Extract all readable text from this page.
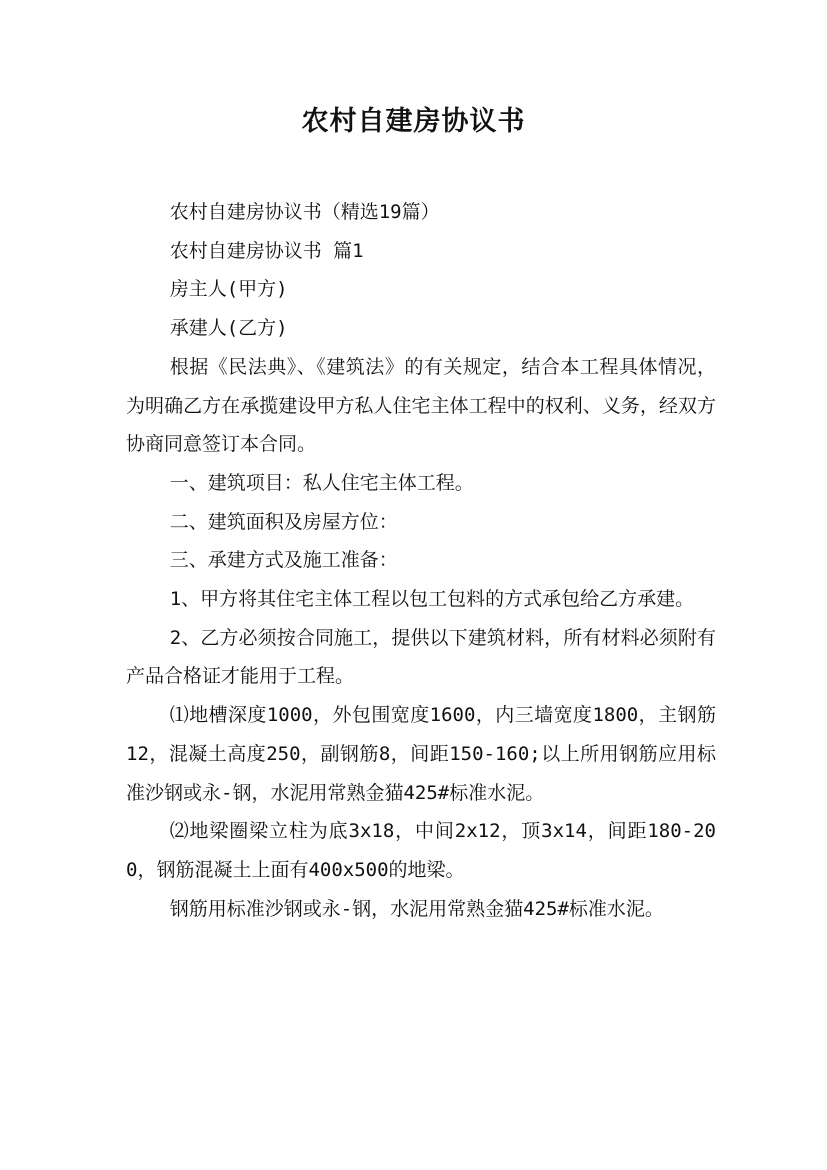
农村自建房协议书

农村自建房协议书（精选19篇）

农村自建房协议书 篇1

房主人(甲方)

承建人(乙方)

根据《民法典》、《建筑法》的有关规定，结合本工程具体情况，为明确乙方在承揽建设甲方私人住宅主体工程中的权利、义务，经双方协商同意签订本合同。

一、建筑项目：私人住宅主体工程。

二、建筑面积及房屋方位：

三、承建方式及施工准备：

1、甲方将其住宅主体工程以包工包料的方式承包给乙方承建。

2、乙方必须按合同施工，提供以下建筑材料，所有材料必须附有产品合格证才能用于工程。

⑴地槽深度1000，外包围宽度1600，内三墙宽度1800，主钢筋12，混凝土高度250，副钢筋8，间距150-160;以上所用钢筋应用标准沙钢或永-钢，水泥用常熟金猫425#标准水泥。

⑵地梁圈梁立柱为底3x18，中间2x12，顶3x14，间距180-200，钢筋混凝土上面有400x500的地梁。

钢筋用标准沙钢或永-钢，水泥用常熟金猫425#标准水泥。
